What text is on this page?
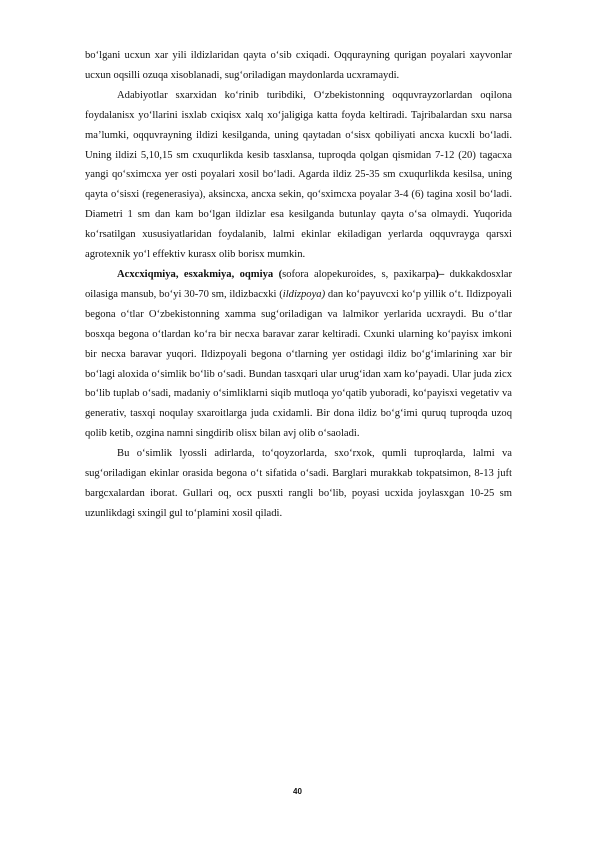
bo‘lgani ucxun xar yili ildizlaridan qayta o‘sib cxiqadi. Oqqurayning qurigan poyalari xayvonlar ucxun oqsilli ozuqa xisoblanadi, sug‘oriladigan maydonlarda ucxramaydi.

Adabiyotlar sxarxidan ko‘rinib turibdiki, O‘zbekistonning oqquvrayzorlardan oqilona foydalanisx yo‘llarini isxlab cxiqisx xalq xo‘jaligiga katta foyda keltiradi. Tajribalardan sxu narsa ma’lumki, oqquvrayning ildizi kesilganda, uning qaytadan o‘sisx qobiliyati ancxa kucxli bo‘ladi. Uning ildizi 5,10,15 sm cxuqurlikda kesib tasxlansa, tuproqda qolgan qismidan 7-12 (20) tagacxa yangi qo‘sximcxa yer osti poyalari xosil bo‘ladi. Agarda ildiz 25-35 sm cxuqurlikda kesilsa, uning qayta o‘sisxi (regenerasiya), aksincxa, ancxa sekin, qo‘sximcxa poyalar 3-4 (6) tagina xosil bo‘ladi. Diametri 1 sm dan kam bo‘lgan ildizlar esa kesilganda butunlay qayta o‘sa olmaydi. Yuqorida ko‘rsatilgan xususiyatlaridan foydalanib, lalmi ekinlar ekiladigan yerlarda oqquvrayga qarsxi agrotexnik yo‘l effektiv kurasx olib borisx mumkin.

Acxcxiqmiya, esxakmiya, oqmiya (sofora alopekuroides, s, paxikarpa)– dukkakdosxlar oilasiga mansub, bo‘yi 30-70 sm, ildizbacxki (ildizpoya) dan ko‘payuvcxi ko‘p yillik o‘t. Ildizpoyali begona o‘tlar O‘zbekistonning xamma sug‘oriladigan va lalmikor yerlarida ucxraydi. Bu o‘tlar bosxqa begona o‘tlardan ko‘ra bir necxa baravar zarar keltiradi. Cxunki ularning ko‘payisx imkoni bir necxa baravar yuqori. Ildizpoyali begona o‘tlarning yer ostidagi ildiz bo‘g‘imlarining xar bir bo‘lagi aloxida o‘simlik bo‘lib o‘sadi. Bundan tasxqari ular urug‘idan xam ko‘payadi. Ular juda zicx bo‘lib tuplab o‘sadi, madaniy o‘simliklarni siqib mutloqa yo‘qatib yuboradi, ko‘payisxi vegetativ va generativ, tasxqi noqulay sxaroitlarga juda cxidamli. Bir dona ildiz bo‘g‘imi quruq tuproqda uzoq qolib ketib, ozgina namni singdirib olisx bilan avj olib o‘saoladi.

Bu o‘simlik lyossli adirlarda, to‘qoyzorlarda, sxo‘rxok, qumli tuproqlarda, lalmi va sug‘oriladigan ekinlar orasida begona o‘t sifatida o‘sadi. Barglari murakkab tokpatsimon, 8-13 juft bargcxalardan iborat. Gullari oq, ocx pusxti rangli bo‘lib, poyasi ucxida joylasxgan 10-25 sm uzunlikdagi sxingil gul to‘plamini xosil qiladi.

40
